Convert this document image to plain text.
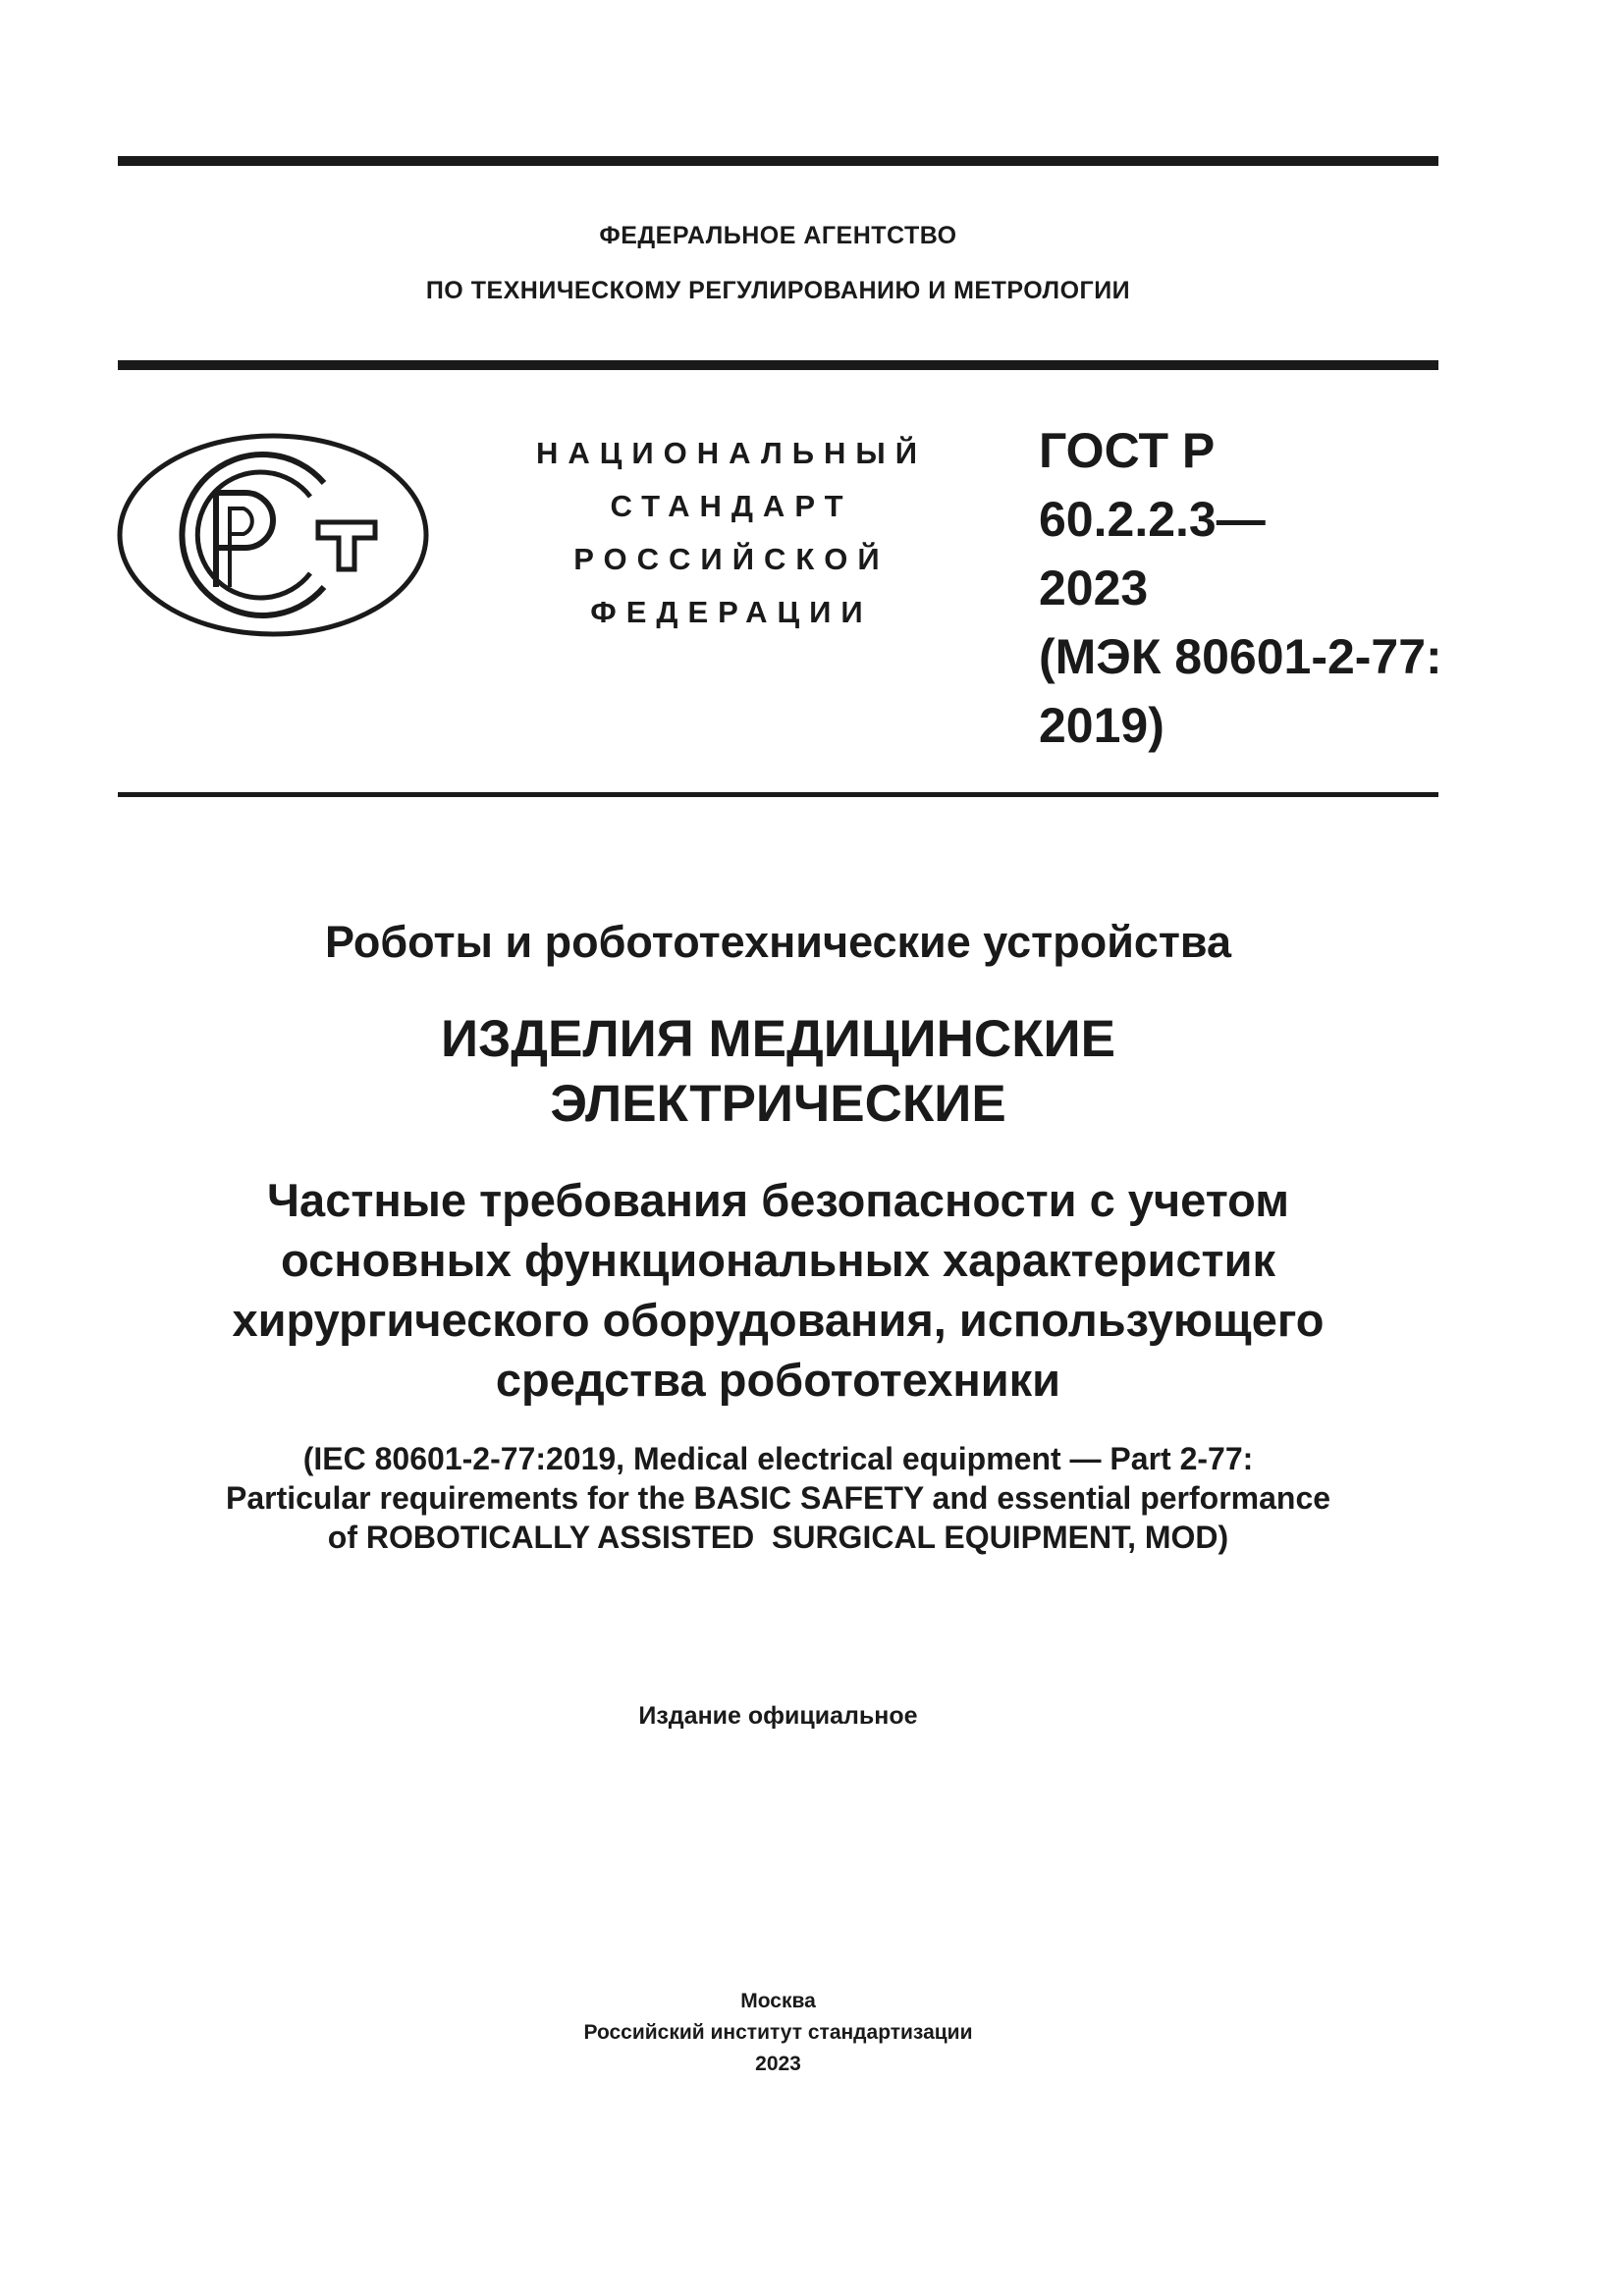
ФЕДЕРАЛЬНОЕ АГЕНТСТВО
ПО ТЕХНИЧЕСКОМУ РЕГУЛИРОВАНИЮ И МЕТРОЛОГИИ
НАЦИОНАЛЬНЫЙ
СТАНДАРТ
РОССИЙСКОЙ
ФЕДЕРАЦИИ
ГОСТ Р
60.2.2.3—
2023
(МЭК 80601-2-77:
2019)
Роботы и робототехнические устройства
ИЗДЕЛИЯ МЕДИЦИНСКИЕ
ЭЛЕКТРИЧЕСКИЕ
Частные требования безопасности с учетом
основных функциональных характеристик
хирургического оборудования, использующего
средства робототехники
(IEC 80601-2-77:2019, Medical electrical equipment — Part 2-77:
Particular requirements for the BASIC SAFETY and essential performance
of ROBOTICALLY ASSISTED  SURGICAL EQUIPMENT, MOD)
Издание официальное
Москва
Российский институт стандартизации
2023
